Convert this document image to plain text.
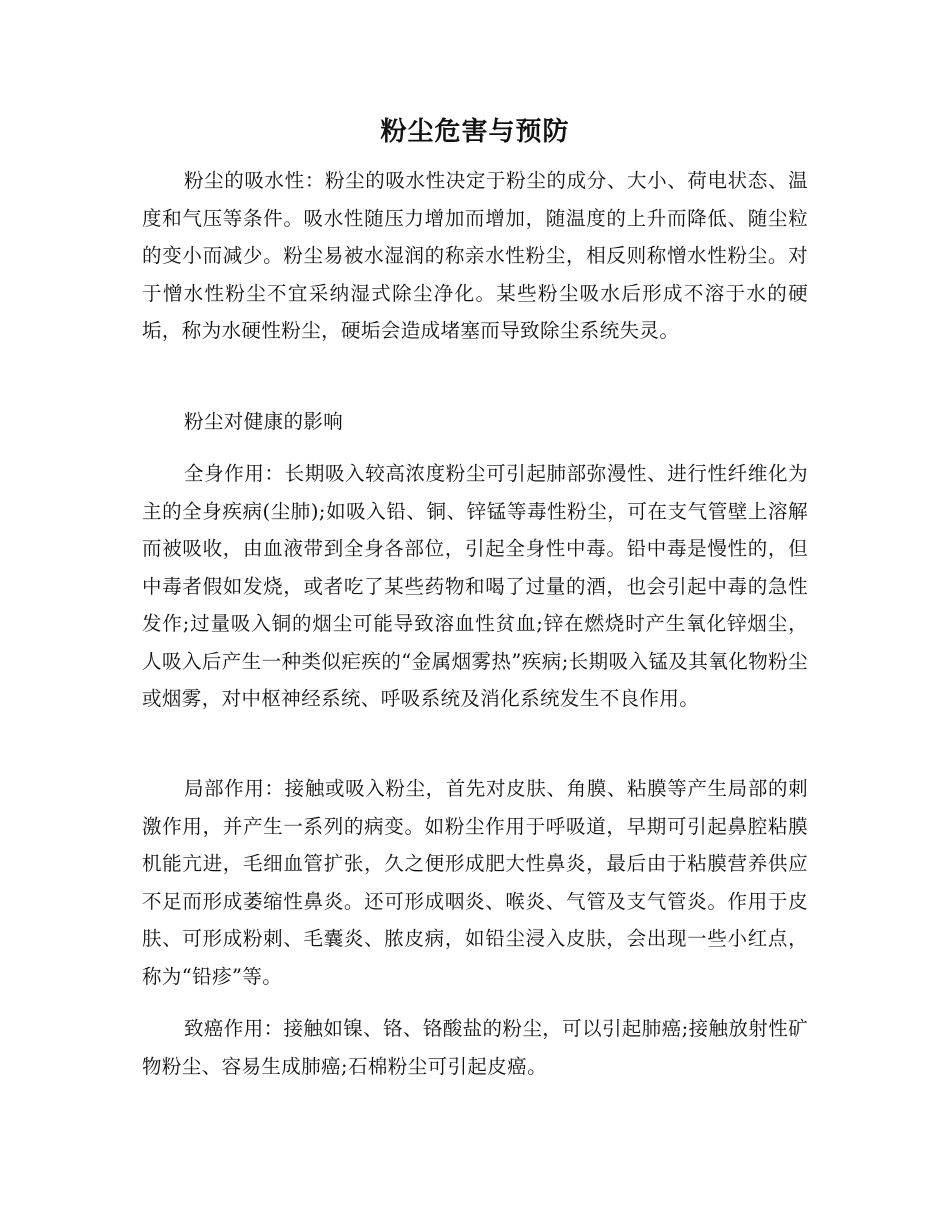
粉尘危害与预防

粉尘的吸水性：粉尘的吸水性决定于粉尘的成分、大小、荷电状态、温度和气压等条件。吸水性随压力增加而增加，随温度的上升而降低、随尘粒的变小而减少。粉尘易被水湿润的称亲水性粉尘，相反则称憎水性粉尘。对于憎水性粉尘不宜采纳湿式除尘净化。某些粉尘吸水后形成不溶于水的硬垢，称为水硬性粉尘，硬垢会造成堵塞而导致除尘系统失灵。

粉尘对健康的影响

全身作用：长期吸入较高浓度粉尘可引起肺部弥漫性、进行性纤维化为主的全身疾病(尘肺);如吸入铅、铜、锌锰等毒性粉尘，可在支气管壁上溶解而被吸收，由血液带到全身各部位，引起全身性中毒。铅中毒是慢性的，但中毒者假如发烧，或者吃了某些药物和喝了过量的酒，也会引起中毒的急性发作;过量吸入铜的烟尘可能导致溶血性贫血;锌在燃烧时产生氧化锌烟尘，人吸入后产生一种类似疟疾的“金属烟雾热”疾病;长期吸入锰及其氧化物粉尘或烟雾，对中枢神经系统、呼吸系统及消化系统发生不良作用。

局部作用：接触或吸入粉尘，首先对皮肤、角膜、粘膜等产生局部的刺激作用，并产生一系列的病变。如粉尘作用于呼吸道，早期可引起鼻腔粘膜机能亢进，毛细血管扩张，久之便形成肥大性鼻炎，最后由于粘膜营养供应不足而形成萎缩性鼻炎。还可形成咽炎、喉炎、气管及支气管炎。作用于皮肤、可形成粉刺、毛囊炎、脓皮病，如铅尘浸入皮肤，会出现一些小红点，称为“铅疹”等。

致癌作用：接触如镍、铬、铬酸盐的粉尘，可以引起肺癌;接触放射性矿物粉尘、容易生成肺癌;石棉粉尘可引起皮癌。
